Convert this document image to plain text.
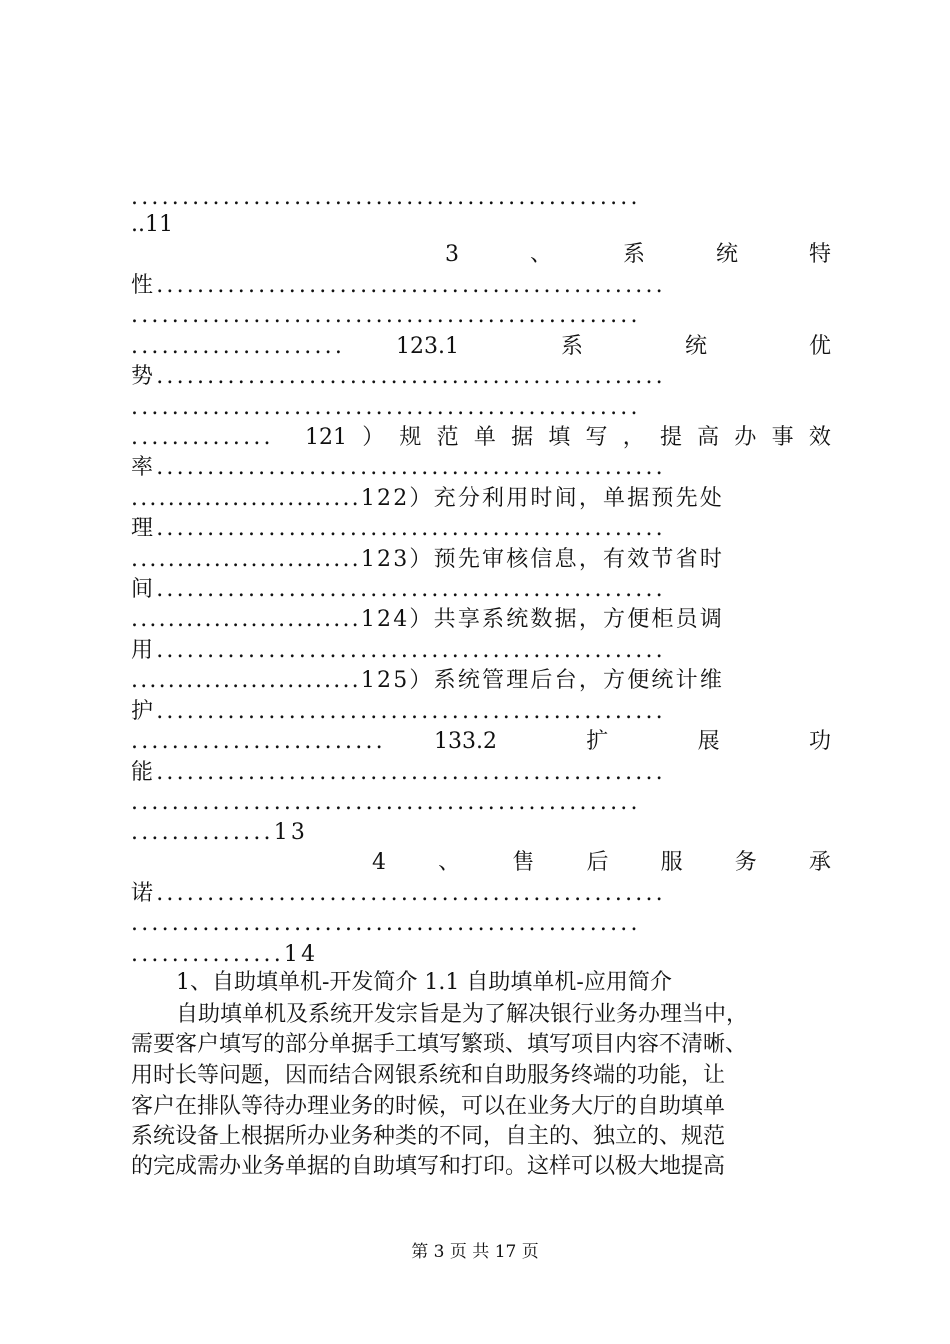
..................................................
..11
3	、	系	统	特
性..................................................
..................................................
.....................	123.1	系	统	优
势..................................................
..................................................
..............	121 ） 规 范 单 据 填 写 ， 提 高 办 事 效
率..................................................
.........................122）充分利用时间，单据预先处
理..................................................
.........................123）预先审核信息，有效节省时
间..................................................
.........................124）共享系统数据，方便柜员调
用..................................................
.........................125）系统管理后台，方便统计维
护..................................................
.........................	133.2	扩	展	功
能..................................................
..................................................
..............13
4 、 售 后 服 务 承
诺..................................................
..................................................
...............14
1、自助填单机-开发简介 1.1 自助填单机-应用简介
自助填单机及系统开发宗旨是为了解决银行业务办理当中，
需要客户填写的部分单据手工填写繁琐、填写项目内容不清晰、
用时长等问题，因而结合网银系统和自助服务终端的功能，让
客户在排队等待办理业务的时候，可以在业务大厅的自助填单
系统设备上根据所办业务种类的不同，自主的、独立的、规范
的完成需办业务单据的自助填写和打印。这样可以极大地提高
第 3 页 共 17 页
